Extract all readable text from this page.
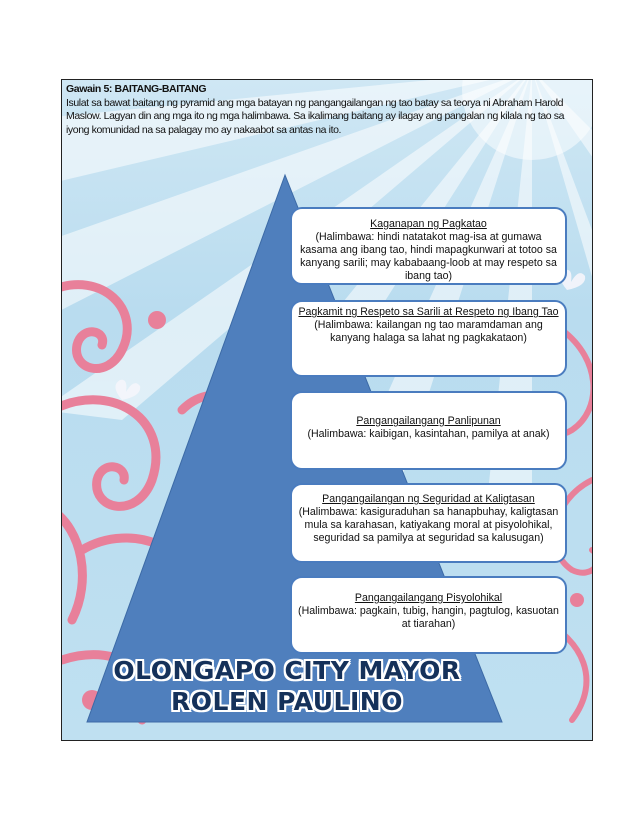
Gawain 5: BAITANG-BAITANG
Isulat sa bawat baitang ng pyramid ang mga batayan ng pangangailangan ng tao batay sa teorya ni Abraham Harold Maslow. Lagyan din ang mga ito ng mga halimbawa. Sa ikalimang baitang ay ilagay ang pangalan ng kilala ng tao sa iyong komunidad na sa palagay mo ay nakaabot sa antas na ito.
Kaganapan ng Pagkatao
(Halimbawa: hindi natatakot mag-isa at gumawa kasama ang ibang tao, hindi mapagkunwari at totoo sa kanyang sarili; may kababaang-loob at may respeto sa ibang tao)
Pagkamit ng Respeto sa Sarili at Respeto ng Ibang Tao
(Halimbawa: kailangan ng tao maramdaman ang kanyang halaga sa lahat ng pagkakataon)
Pangangailangang Panlipunan
(Halimbawa: kaibigan, kasintahan, pamilya at anak)
Pangangailangan ng Seguridad at Kaligtasan
(Halimbawa: kasiguraduhan sa hanapbuhay, kaligtasan mula sa karahasan, katiyakang moral at pisyolohikal, seguridad sa pamilya at seguridad sa kalusugan)
Pangangailangang Pisyolohikal
(Halimbawa: pagkain, tubig, hangin, pagtulog, kasuotan at tiarahan)
OLONGAPO CITY MAYOR
ROLEN PAULINO
